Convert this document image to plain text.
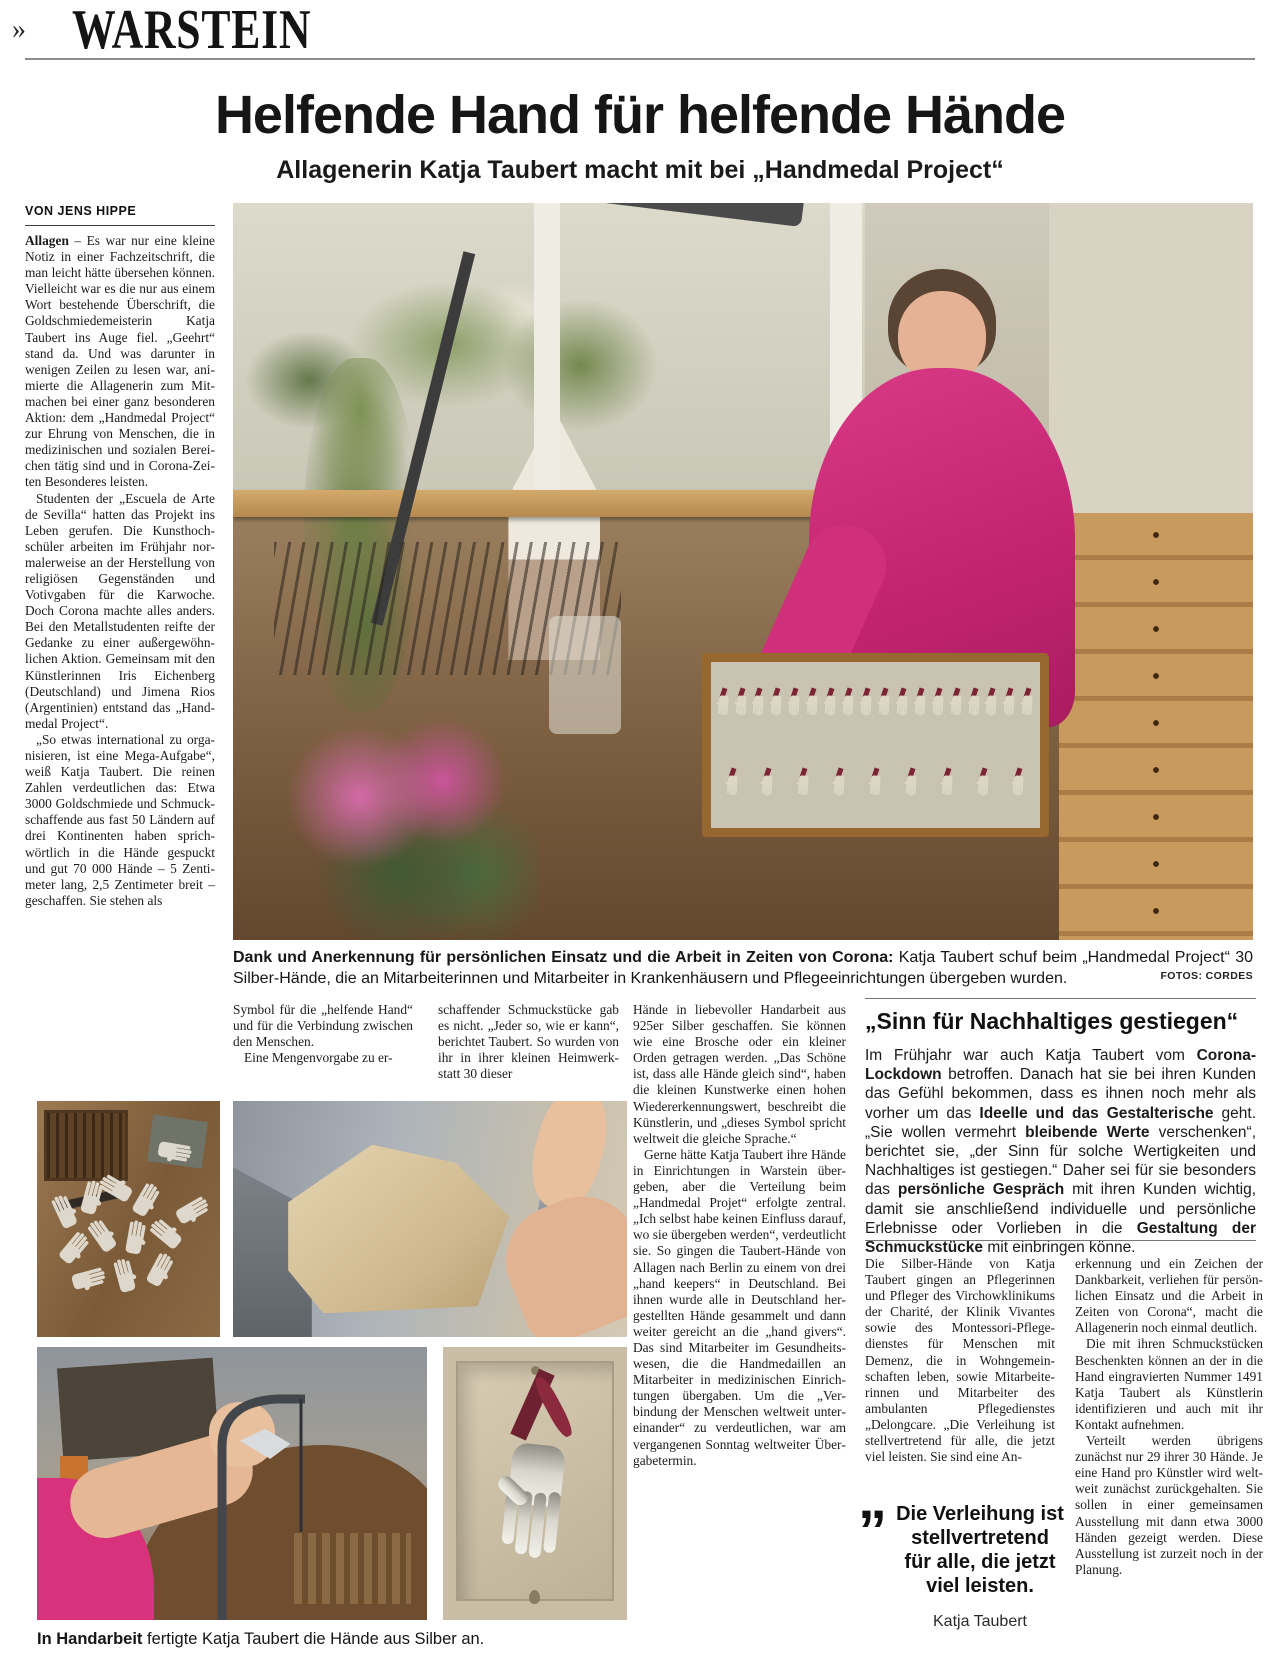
» WARSTEIN
Helfende Hand für helfende Hände
Allagenerin Katja Taubert macht mit bei „Handmedal Project“
VON JENS HIPPE

Allagen – Es war nur eine kleine Notiz in einer Fachzeitschrift, die man leicht hätte übersehen können. Vielleicht war es die nur aus einem Wort bestehende Überschrift, die Goldschmiedemeisterin Katja Taubert ins Auge fiel. „Geehrt“ stand da. Und was darunter in wenigen Zeilen zu lesen war, animierte die Allagenerin zum Mitmachen bei einer ganz besonderen Aktion: dem „Handmedal Project“ zur Ehrung von Menschen, die in medizinischen und sozialen Bereichen tätig sind und in Corona-Zeiten Besonderes leisten.

Studenten der „Escuela de Arte de Sevilla“ hatten das Projekt ins Leben gerufen. Die Kunsthochschüler arbeiten im Frühjahr normalerweise an der Herstellung von religiösen Gegenständen und Votivgaben für die Karwoche. Doch Corona machte alles anders. Bei den Metallstudenten reifte der Gedanke zu einer außergewöhnlichen Aktion. Gemeinsam mit den Künstlerinnen Iris Eichenberg (Deutschland) und Jimena Rios (Argentinien) entstand das „Handmedal Project“.

„So etwas international zu organisieren, ist eine Mega-Aufgabe“, weiß Katja Taubert. Die reinen Zahlen verdeutlichen das: Etwa 3000 Goldschmiede und Schmuckschaffende aus fast 50 Ländern auf drei Kontinenten haben sprichwörtlich in die Hände gespuckt und gut 70 000 Hände – 5 Zentimeter lang, 2,5 Zentimeter breit – geschaffen. Sie stehen als

Dank und Anerkennung für persönlichen Einsatz und die Arbeit in Zeiten von Corona: Katja Taubert schuf beim „Handmedal Project“ 30 Silber-Hände, die an Mitarbeiterinnen und Mitarbeiter in Krankenhäusern und Pflegeeinrichtungen übergeben wurden.	FOTOS: CORDES

Symbol für die „helfende Hand“ und für die Verbindung zwischen den Menschen.

Eine Mengenvorgabe zu er-

schaffender Schmuckstücke gab es nicht. „Jeder so, wie er kann“, berichtet Taubert. So wurden von ihr in ihrer kleinen Heimwerkstatt 30 dieser

Hände in liebevoller Handarbeit aus 925er Silber geschaffen. Sie können wie eine Brosche oder ein kleiner Orden getragen werden. „Das Schöne ist, dass alle Hände gleich sind“, haben die kleinen Kunstwerke einen hohen Wiedererkennungswert, beschreibt die Künstlerin, und „dieses Symbol spricht weltweit die gleiche Sprache.“

Gerne hätte Katja Taubert ihre Hände in Einrichtungen in Warstein übergeben, aber die Verteilung beim „Handmedal Projet“ erfolgte zentral. „Ich selbst habe keinen Einfluss darauf, wo sie übergeben werden“, verdeutlicht sie. So gingen die Taubert-Hände von Allagen nach Berlin zu einem von drei „hand keepers“ in Deutschland. Bei ihnen wurde alle in Deutschland hergestellten Hände gesammelt und dann weiter gereicht an die „hand givers“. Das sind Mitarbeiter im Gesundheitswesen, die die Handmedaillen an Mitarbeiter in medizinischen Einrichtungen übergaben. Um die „Verbindung der Menschen weltweit untereinander“ zu verdeutlichen, war am vergangenen Sonntag weltweiter Übergabetermin.

In Handarbeit fertigte Katja Taubert die Hände aus Silber an.
„Sinn für Nachhaltiges gestiegen“
Im Frühjahr war auch Katja Taubert vom Corona-Lockdown betroffen. Danach hat sie bei ihren Kunden das Gefühl bekommen, dass es ihnen noch mehr als vorher um das Ideelle und das Gestalterische geht. „Sie wollen vermehrt bleibende Werte verschenken“, berichtet sie, „der Sinn für solche Wertigkeiten und Nachhaltiges ist gestiegen.“ Daher sei für sie besonders das persönliche Gespräch mit ihren Kunden wichtig, damit sie anschließend individuelle und persönliche Erlebnisse oder Vorlieben in die Gestaltung der Schmuckstücke mit einbringen könne.

Die Silber-Hände von Katja Taubert gingen an Pflegerinnen und Pfleger des Virchowklinikums der Charité, der Klinik Vivantes sowie des Montessori-Pflegedienstes für Menschen mit Demenz, die in Wohngemeinschaften leben, sowie Mitarbeiterinnen und Mitarbeiter des ambulanten Pflegedienstes „Delongcare. „Die Verleihung ist stellvertretend für alle, die jetzt viel leisten. Sie sind eine An-

erkennung und ein Zeichen der Dankbarkeit, verliehen für persönlichen Einsatz und die Arbeit in Zeiten von Corona“, macht die Allagenerin noch einmal deutlich.

Die mit ihren Schmuckstücken Beschenkten können an der in die Hand eingravierten Nummer 1491 Katja Taubert als Künstlerin identifizieren und auch mit ihr Kontakt aufnehmen.

Verteilt werden übrigens zunächst nur 29 ihrer 30 Hände. Je eine Hand pro Künstler wird weltweit zunächst zurückgehalten. Sie sollen in einer gemeinsamen Ausstellung mit dann etwa 3000 Händen gezeigt werden. Diese Ausstellung ist zurzeit noch in der Planung.

„ Die Verleihung ist stellvertretend für alle, die jetzt viel leisten.
Katja Taubert
